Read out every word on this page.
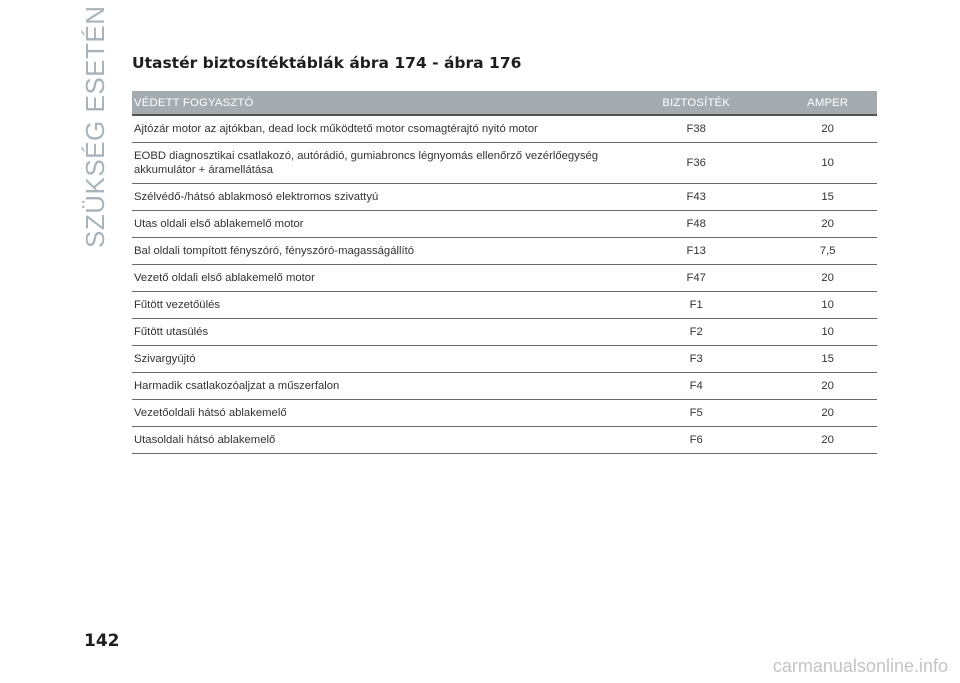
SZÜKSÉG ESETÉN Utastér biztosítéktáblák ábra 174 - ábra 176
VÉDETT FOGYASZTÓ	BIZTOSÍTÉK	AMPER
Ajtózár motor az ajtókban, dead lock működtető motor csomagtérajtó nyitó motor	F38	20
EOBD diagnosztikai csatlakozó, autórádió, gumiabroncs légnyomás ellenőrző vezérlőegység akkumulátor + áramellátása	F36	10
Szélvédő-/hátsó ablakmosó elektromos szivattyú	F43	15
Utas oldali első ablakemelő motor	F48	20
Bal oldali tompított fényszóró, fényszóró-magasságállító	F13	7,5
Vezető oldali első ablakemelő motor	F47	20
Fűtött vezetőülés	F1	10
Fűtött utasülés	F2	10
Szivargyújtó	F3	15
Harmadik csatlakozóaljzat a műszerfalon	F4	20
Vezetőoldali hátsó ablakemelő	F5	20
Utasoldali hátsó ablakemelő	F6	20
142
carmanualsonline.info
